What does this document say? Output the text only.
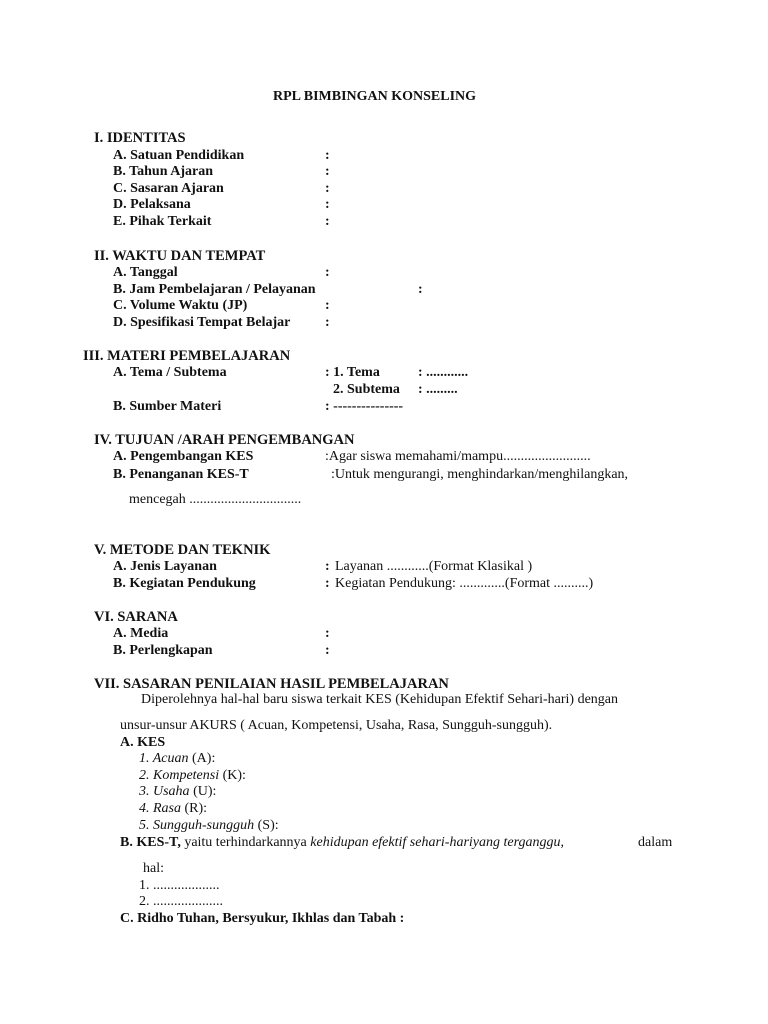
RPL BIMBINGAN KONSELING
I. IDENTITAS
A. Satuan Pendidikan	:
B. Tahun Ajaran	:
C. Sasaran Ajaran	:
D. Pelaksana	:
E. Pihak Terkait	:
II. WAKTU DAN TEMPAT
A. Tanggal	:
B. Jam Pembelajaran / Pelayanan	:
C. Volume Waktu (JP)	:
D. Spesifikasi Tempat Belajar :
III. MATERI PEMBELAJARAN
A. Tema / Subtema	: 1. Tema	: ............
2. Subtema : .........
B. Sumber Materi	: ---------------
IV. TUJUAN /ARAH PENGEMBANGAN
A. Pengembangan KES	:Agar siswa memahami/mampu.........................
B. Penanganan KES-T	:Untuk mengurangi, menghindarkan/menghilangkan,
mencegah ................................
V. METODE DAN TEKNIK
A. Jenis Layanan	: Layanan ............(Format Klasikal )
B. Kegiatan Pendukung	: Kegiatan Pendukung: .............(Format ..........)
VI. SARANA
A. Media	:
B. Perlengkapan	:
VII. SASARAN PENILAIAN HASIL PEMBELAJARAN
Diperolehnya hal-hal baru siswa terkait KES (Kehidupan Efektif Sehari-hari) dengan
unsur-unsur AKURS ( Acuan, Kompetensi, Usaha, Rasa, Sungguh-sungguh).
A. KES
1. Acuan (A):
2. Kompetensi (K):
3. Usaha (U):
4. Rasa (R):
5. Sungguh-sungguh (S):
B. KES-T, yaitu terhindarkannya kehidupan efektif sehari-hariyang terganggu,	dalam
hal:
1. ...................
2. ....................
C. Ridho Tuhan, Bersyukur, Ikhlas dan Tabah :
